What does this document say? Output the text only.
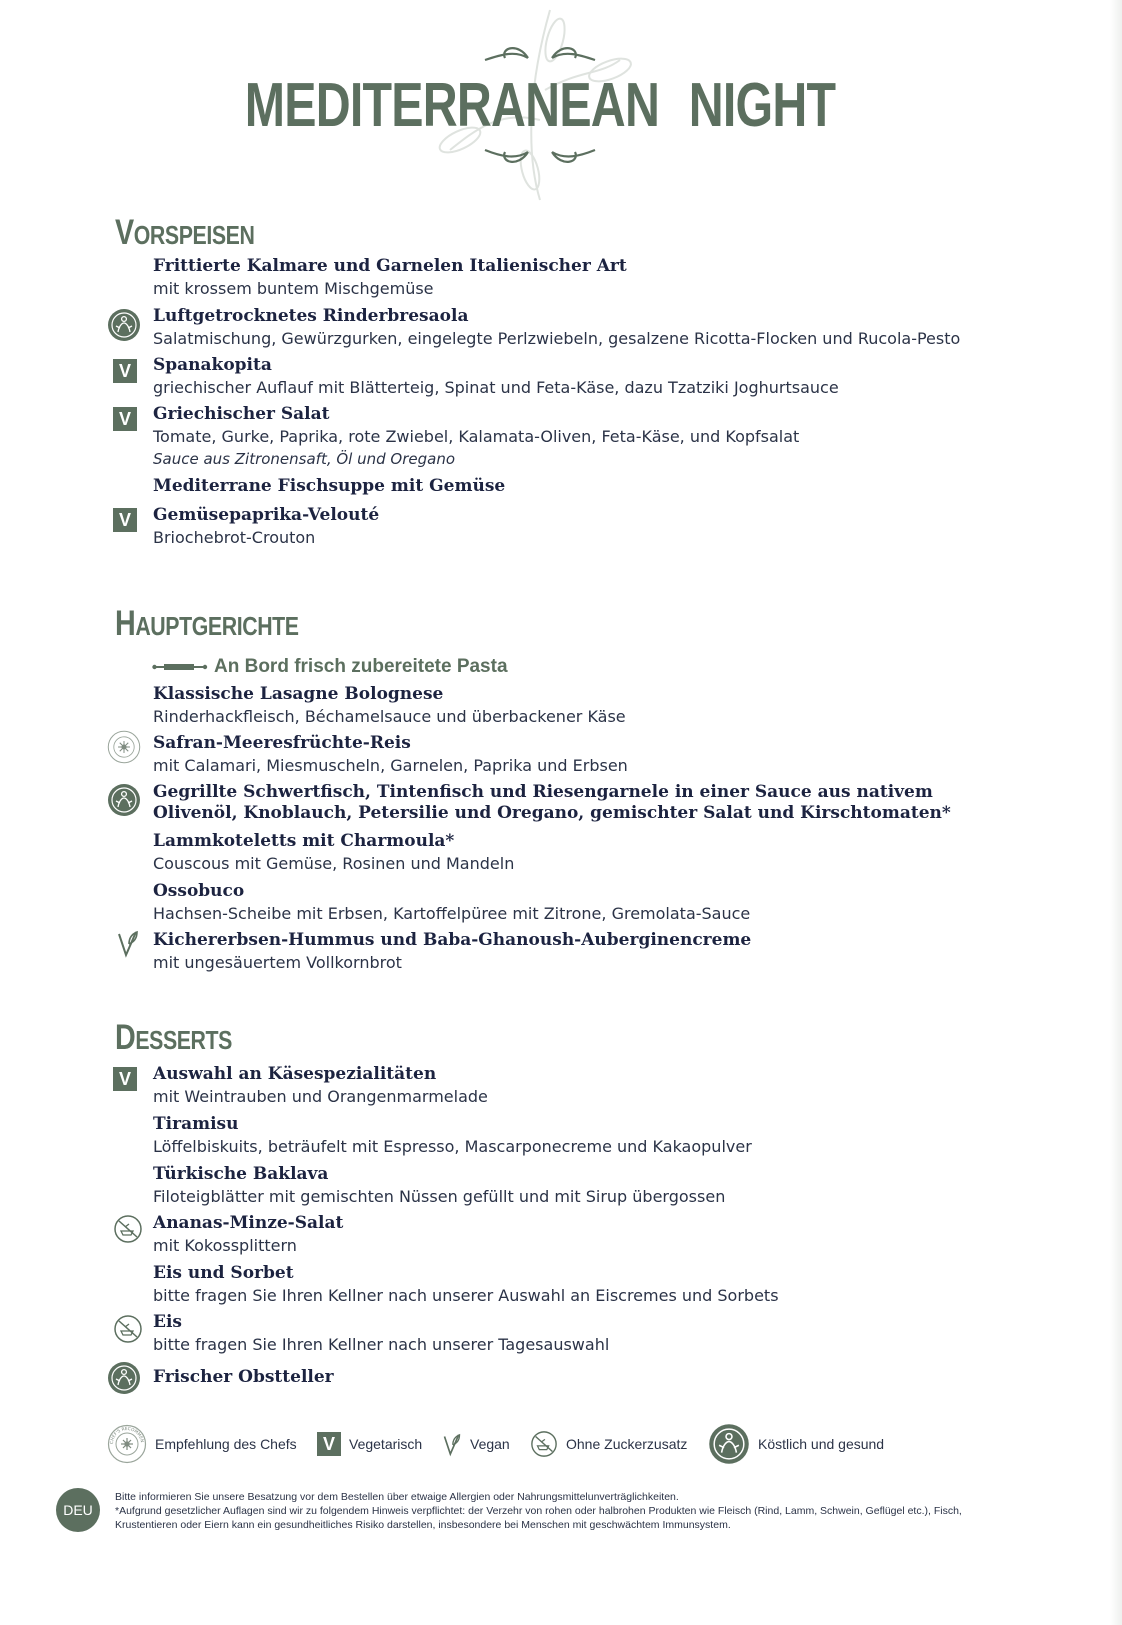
MEDITERRANEAN NIGHT
VORSPEISEN
Frittierte Kalmare und Garnelen Italienischer Art
mit krossem buntem Mischgemüse
Luftgetrocknetes Rinderbresaola
Salatmischung, Gewürzgurken, eingelegte Perlzwiebeln, gesalzene Ricotta-Flocken und Rucola-Pesto
V	Spanakopita
griechischer Auflauf mit Blätterteig, Spinat und Feta-Käse, dazu Tzatziki Joghurtsauce
V	Griechischer Salat
Tomate, Gurke, Paprika, rote Zwiebel, Kalamata-Oliven, Feta-Käse, und Kopfsalat
Sauce aus Zitronensaft, Öl und Oregano
Mediterrane Fischsuppe mit Gemüse
V	Gemüsepaprika-Velouté
Briochebrot-Crouton
HAUPTGERICHTE
An Bord frisch zubereitete Pasta
Klassische Lasagne Bolognese
Rinderhackfleisch, Béchamelsauce und überbackener Käse
Safran-Meeresfrüchte-Reis
mit Calamari, Miesmuscheln, Garnelen, Paprika und Erbsen
Gegrillte Schwertfisch, Tintenfisch und Riesengarnele in einer Sauce aus nativem Olivenöl, Knoblauch, Petersilie und Oregano, gemischter Salat und Kirschtomaten*
Lammkoteletts mit Charmoula*
Couscous mit Gemüse, Rosinen und Mandeln
Ossobuco
Hachsen-Scheibe mit Erbsen, Kartoffelpüree mit Zitrone, Gremolata-Sauce
Kichererbsen-Hummus und Baba-Ghanoush-Auberginencreme
mit ungesäuertem Vollkornbrot
DESSERTS
V	Auswahl an Käsespezialitäten
mit Weintrauben und Orangenmarmelade
Tiramisu
Löffelbiskuits, beträufelt mit Espresso, Mascarponecreme und Kakaopulver
Türkische Baklava
Filoteigblätter mit gemischten Nüssen gefüllt und mit Sirup übergossen
Ananas-Minze-Salat
mit Kokossplittern
Eis und Sorbet
bitte fragen Sie Ihren Kellner nach unserer Auswahl an Eiscremes und Sorbets
Eis
bitte fragen Sie Ihren Kellner nach unserer Tagesauswahl
Frischer Obstteller
CHEF'S RECOMMEN Empfehlung des Chefs	V	Vegetarisch	Vegan	Ohne Zuckerzusatz	Köstlich und gesund
DEU
Bitte informieren Sie unsere Besatzung vor dem Bestellen über etwaige Allergien oder Nahrungsmittelunverträglichkeiten.
*Aufgrund gesetzlicher Auflagen sind wir zu folgendem Hinweis verpflichtet: der Verzehr von rohen oder halbrohen Produkten wie Fleisch (Rind, Lamm, Schwein, Geflügel etc.), Fisch, Krustentieren oder Eiern kann ein gesundheitliches Risiko darstellen, insbesondere bei Menschen mit geschwächtem Immunsystem.
